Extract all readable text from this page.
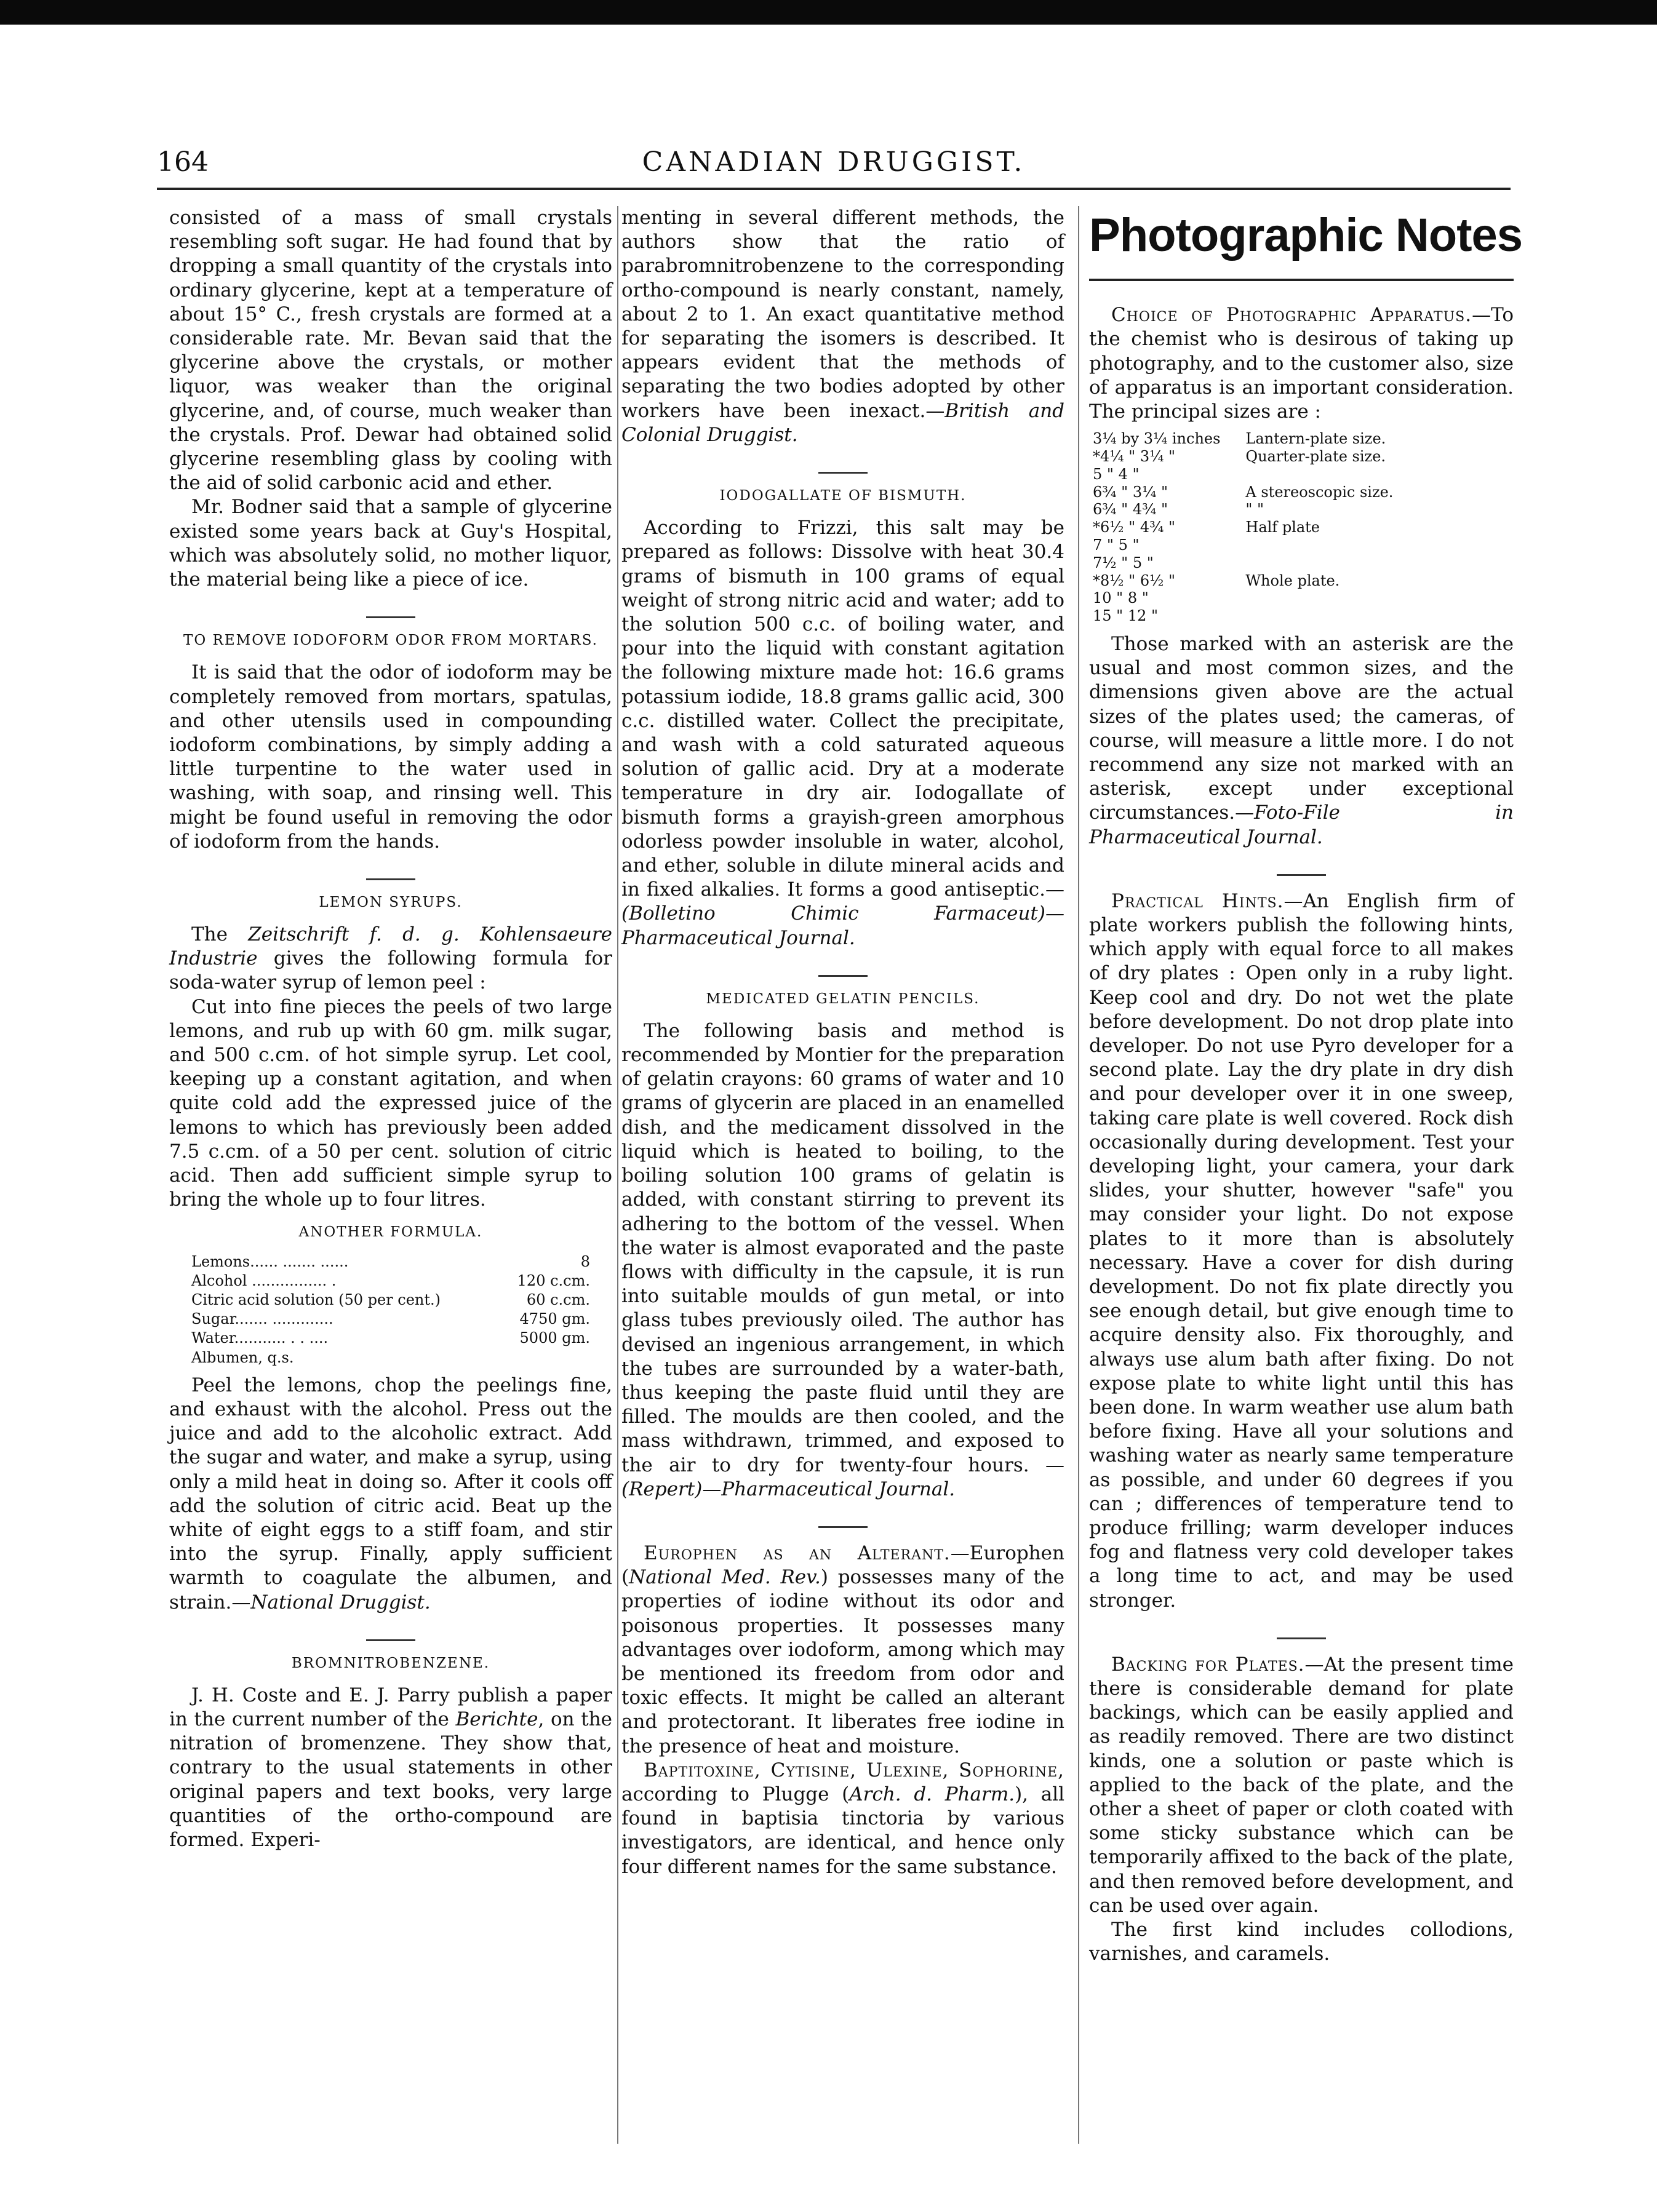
164	CANADIAN DRUGGIST.

consisted of a mass of small crystals resembling soft sugar. He had found that by dropping a small quantity of the crystals into ordinary glycerine, kept at a temperature of about 15° C., fresh crystals are formed at a considerable rate. Mr. Bevan said that the glycerine above the crystals, or mother liquor, was weaker than the original glycerine, and, of course, much weaker than the crystals. Prof. Dewar had obtained solid glycerine resembling glass by cooling with the aid of solid carbonic acid and ether.

Mr. Bodner said that a sample of glycerine existed some years back at Guy's Hospital, which was absolutely solid, no mother liquor, the material being like a piece of ice.

TO REMOVE IODOFORM ODOR FROM MORTARS.

It is said that the odor of iodoform may be completely removed from mortars, spatulas, and other utensils used in compounding iodoform combinations, by simply adding a little turpentine to the water used in washing, with soap, and rinsing well. This might be found useful in removing the odor of iodoform from the hands.

LEMON SYRUPS.

The Zeitschrift f. d. g. Kohlensaeure Industrie gives the following formula for soda-water syrup of lemon peel :

Cut into fine pieces the peels of two large lemons, and rub up with 60 gm. milk sugar, and 500 c.cm. of hot simple syrup. Let cool, keeping up a constant agitation, and when quite cold add the expressed juice of the lemons to which has previously been added 7.5 c.cm. of a 50 per cent. solution of citric acid. Then add sufficient simple syrup to bring the whole up to four litres.

ANOTHER FORMULA.
Lemons...... ....... ......	8
Alcohol ................ .	120 c.cm.
Citric acid solution (50 per cent.)	60 c.cm.
Sugar....... .............	4750 gm.
Water........... . . ....	5000 gm.
Albumen, q.s.	

Peel the lemons, chop the peelings fine, and exhaust with the alcohol. Press out the juice and add to the alcoholic extract. Add the sugar and water, and make a syrup, using only a mild heat in doing so. After it cools off add the solution of citric acid. Beat up the white of eight eggs to a stiff foam, and stir into the syrup. Finally, apply sufficient warmth to coagulate the albumen, and strain.—National Druggist.

BROMNITROBENZENE.

J. H. Coste and E. J. Parry publish a paper in the current number of the Berichte, on the nitration of bromenzene. They show that, contrary to the usual statements in other original papers and text books, very large quantities of the ortho-compound are formed. Experi-

menting in several different methods, the authors show that the ratio of parabromnitrobenzene to the corresponding ortho-compound is nearly constant, namely, about 2 to 1. An exact quantitative method for separating the isomers is described. It appears evident that the methods of separating the two bodies adopted by other workers have been inexact.—British and Colonial Druggist.

IODOGALLATE OF BISMUTH.

According to Frizzi, this salt may be prepared as follows: Dissolve with heat 30.4 grams of bismuth in 100 grams of equal weight of strong nitric acid and water; add to the solution 500 c.c. of boiling water, and pour into the liquid with constant agitation the following mixture made hot: 16.6 grams potassium iodide, 18.8 grams gallic acid, 300 c.c. distilled water. Collect the precipitate, and wash with a cold saturated aqueous solution of gallic acid. Dry at a moderate temperature in dry air. Iodogallate of bismuth forms a grayish-green amorphous odorless powder insoluble in water, alcohol, and ether, soluble in dilute mineral acids and in fixed alkalies. It forms a good antiseptic.—(Bolletino Chimic Farmaceut)—Pharmaceutical Journal.

MEDICATED GELATIN PENCILS.

The following basis and method is recommended by Montier for the preparation of gelatin crayons: 60 grams of water and 10 grams of glycerin are placed in an enamelled dish, and the medicament dissolved in the liquid which is heated to boiling, to the boiling solution 100 grams of gelatin is added, with constant stirring to prevent its adhering to the bottom of the vessel. When the water is almost evaporated and the paste flows with difficulty in the capsule, it is run into suitable moulds of gun metal, or into glass tubes previously oiled. The author has devised an ingenious arrangement, in which the tubes are surrounded by a water-bath, thus keeping the paste fluid until they are filled. The moulds are then cooled, and the mass withdrawn, trimmed, and exposed to the air to dry for twenty-four hours. — (Repert)—Pharmaceutical Journal.

Europhen as an Alterant.—Europhen (National Med. Rev.) possesses many of the properties of iodine without its odor and poisonous properties. It possesses many advantages over iodoform, among which may be mentioned its freedom from odor and toxic effects. It might be called an alterant and protectorant. It liberates free iodine in the presence of heat and moisture.

Baptitoxine, Cytisine, Ulexine, Sophorine, according to Plugge (Arch. d. Pharm.), all found in baptisia tinctoria by various investigators, are identical, and hence only four different names for the same substance.

Photographic Notes

Choice of Photographic Apparatus.—To the chemist who is desirous of taking up photography, and to the customer also, size of apparatus is an important consideration. The principal sizes are :

3¼ by 3¼ inches	Lantern-plate size.
*4¼ " 3¼ "	Quarter-plate size.
5 " 4 "	
6¾ " 3¼ "	A stereoscopic size.
6¾ " 4¾ "	" "
*6½ " 4¾ "	Half plate
7 " 5 "	
7½ " 5 "	
*8½ " 6½ "	Whole plate.
10 " 8 "	
15 " 12 "	

Those marked with an asterisk are the usual and most common sizes, and the dimensions given above are the actual sizes of the plates used; the cameras, of course, will measure a little more. I do not recommend any size not marked with an asterisk, except under exceptional circumstances.—Foto-File in Pharmaceutical Journal.

Practical Hints.—An English firm of plate workers publish the following hints, which apply with equal force to all makes of dry plates : Open only in a ruby light. Keep cool and dry. Do not wet the plate before development. Do not drop plate into developer. Do not use Pyro developer for a second plate. Lay the dry plate in dry dish and pour developer over it in one sweep, taking care plate is well covered. Rock dish occasionally during development. Test your developing light, your camera, your dark slides, your shutter, however "safe" you may consider your light. Do not expose plates to it more than is absolutely necessary. Have a cover for dish during development. Do not fix plate directly you see enough detail, but give enough time to acquire density also. Fix thoroughly, and always use alum bath after fixing. Do not expose plate to white light until this has been done. In warm weather use alum bath before fixing. Have all your solutions and washing water as nearly same temperature as possible, and under 60 degrees if you can ; differences of temperature tend to produce frilling; warm developer induces fog and flatness very cold developer takes a long time to act, and may be used stronger.

Backing for Plates.—At the present time there is considerable demand for plate backings, which can be easily applied and as readily removed. There are two distinct kinds, one a solution or paste which is applied to the back of the plate, and the other a sheet of paper or cloth coated with some sticky substance which can be temporarily affixed to the back of the plate, and then removed before development, and can be used over again.

The first kind includes collodions, varnishes, and caramels.
